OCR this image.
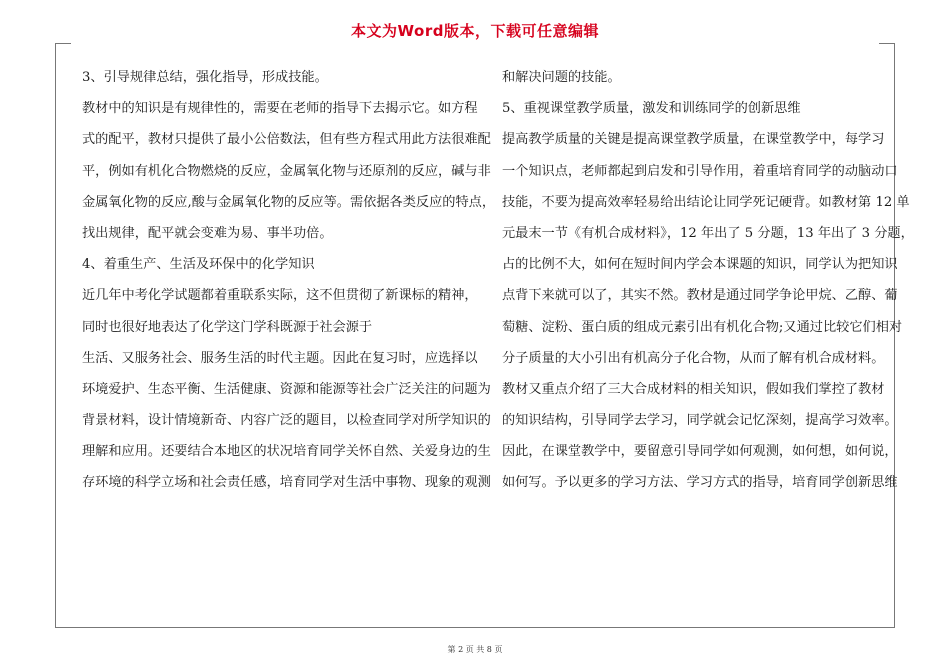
本文为Word版本，下载可任意编辑
3、引导规律总结，强化指导，形成技能。
教材中的知识是有规律性的，需要在老师的指导下去揭示它。如方程
式的配平，教材只提供了最小公倍数法，但有些方程式用此方法很难配
平，例如有机化合物燃烧的反应，金属氧化物与还原剂的反应，碱与非
金属氧化物的反应,酸与金属氧化物的反应等。需依据各类反应的特点，
找出规律，配平就会变难为易、事半功倍。
4、着重生产、生活及环保中的化学知识
近几年中考化学试题都着重联系实际，这不但贯彻了新课标的精神，
同时也很好地表达了化学这门学科既源于社会源于
生活、又服务社会、服务生活的时代主题。因此在复习时，应选择以
环境爱护、生态平衡、生活健康、资源和能源等社会广泛关注的问题为
背景材料，设计情境新奇、内容广泛的题目，以检查同学对所学知识的
理解和应用。还要结合本地区的状况培育同学关怀自然、关爱身边的生
存环境的科学立场和社会责任感，培育同学对生活中事物、现象的观测
和解决问题的技能。
5、重视课堂教学质量，激发和训练同学的创新思维
提高教学质量的关键是提高课堂教学质量，在课堂教学中，每学习
一个知识点，老师都起到启发和引导作用，着重培育同学的动脑动口
技能，不要为提高效率轻易给出结论让同学死记硬背。如教材第 12 单
元最末一节《有机合成材料》，12 年出了 5 分题，13 年出了 3 分题，
占的比例不大，如何在短时间内学会本课题的知识，同学认为把知识
点背下来就可以了，其实不然。教材是通过同学争论甲烷、乙醇、葡
萄糖、淀粉、蛋白质的组成元素引出有机化合物;又通过比较它们相对
分子质量的大小引出有机高分子化合物，从而了解有机合成材料。
教材又重点介绍了三大合成材料的相关知识，假如我们掌控了教材
的知识结构，引导同学去学习，同学就会记忆深刻，提高学习效率。
因此，在课堂教学中，要留意引导同学如何观测，如何想，如何说，
如何写。予以更多的学习方法、学习方式的指导，培育同学创新思维
第 2 页 共 8 页
